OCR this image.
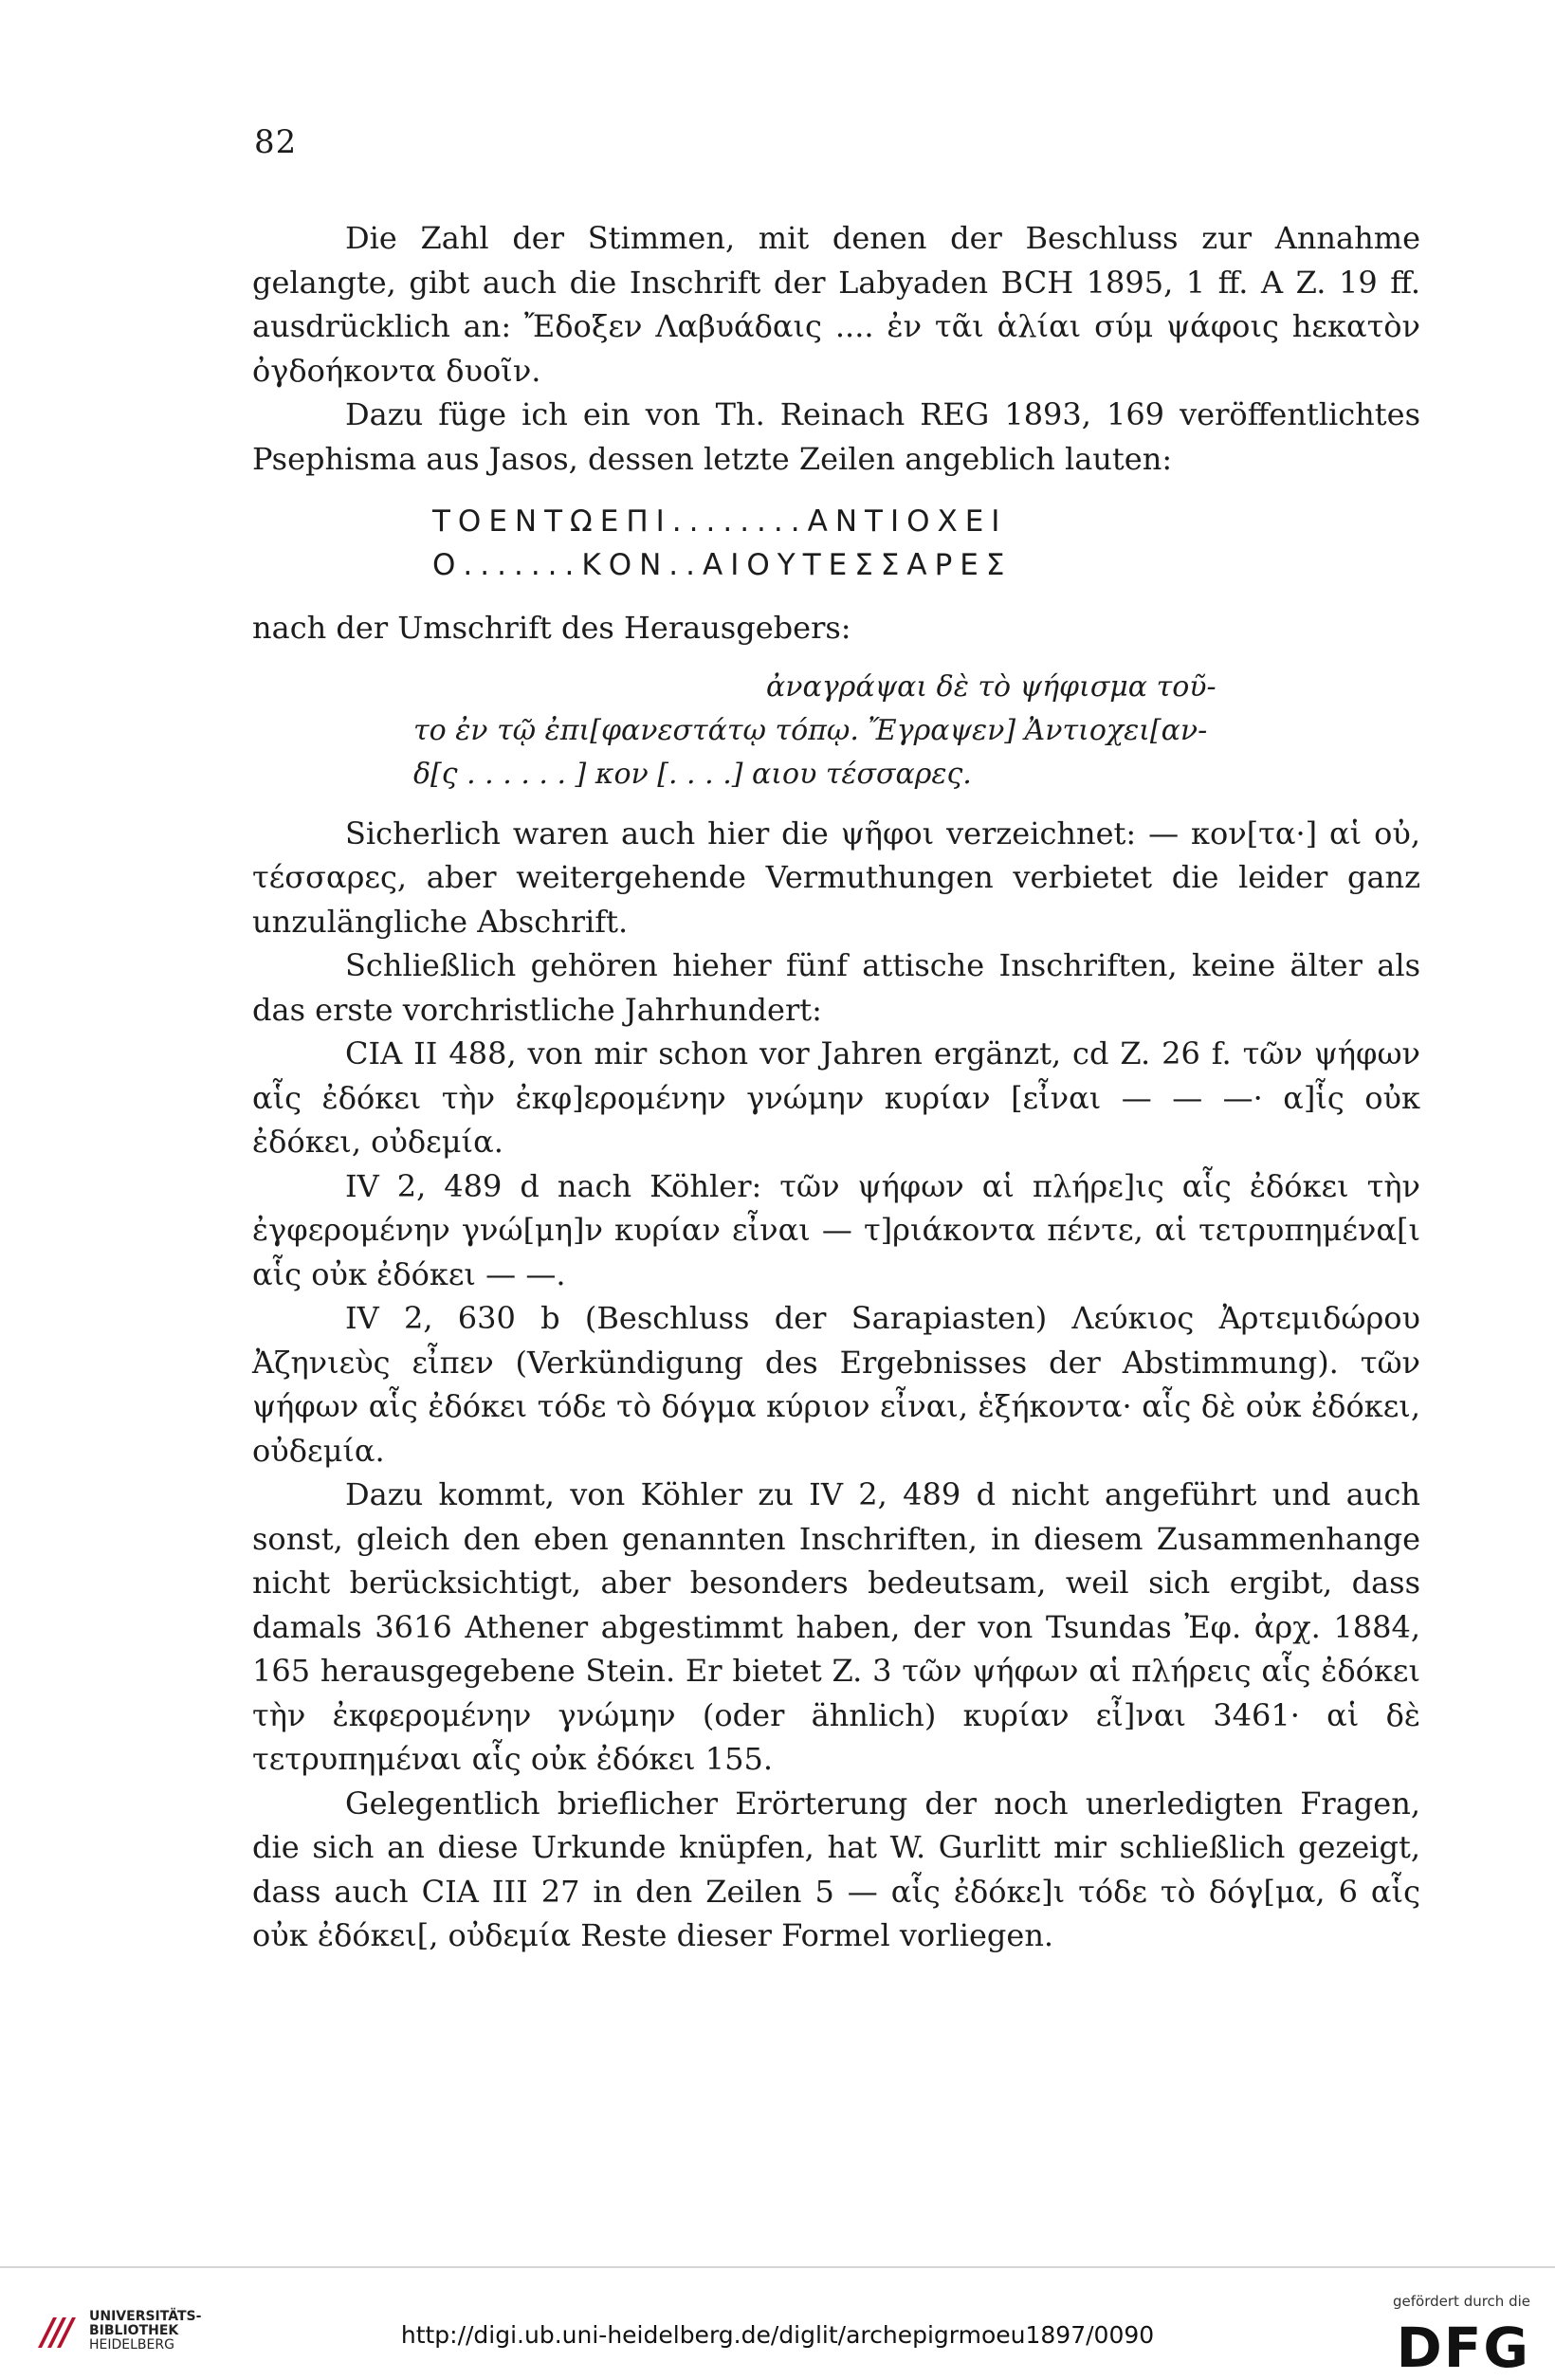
82

Die Zahl der Stimmen, mit denen der Beschluss zur Annahme gelangte, gibt auch die Inschrift der Labyaden BCH 1895, 1 ff. A Z. 19 ff. ausdrücklich an: Ἔδοξεν Λαβυάδαις .... ἐν τᾶι ἁλίαι σύμ ψάφοις hεκατὸν ὀγδοήκοντα δυοῖν.

Dazu füge ich ein von Th. Reinach REG 1893, 169 veröffentlichtes Psephisma aus Jasos, dessen letzte Zeilen angeblich lauten:

ΤΟΕΝΤΩΕΠΙ........ΑΝΤΙΟΧΕΙ
Ο.......ΚΟΝ..ΑΙΟΥΤΕΣΣΑΡΕΣ

nach der Umschrift des Herausgebers:

ἀναγράψαι δὲ τὸ ψήφισμα τοῦ-
το ἐν τῷ ἐπι[φανεστάτῳ τόπῳ. Ἔγραψεν] Ἀντιοχει[αν-
δ[ς . . . . . . ] κον [. . . .] αιου τέσσαρες.

Sicherlich waren auch hier die ψῆφοι verzeichnet: — κον[τα·] αἱ οὐ, τέσσαρες, aber weitergehende Vermuthungen verbietet die leider ganz unzulängliche Abschrift.

Schließlich gehören hieher fünf attische Inschriften, keine älter als das erste vorchristliche Jahrhundert:

CIA II 488, von mir schon vor Jahren ergänzt, cd Z. 26 f. τῶν ψήφων αἷς ἐδόκει τὴν ἐκφ]ερομένην γνώμην κυρίαν [εἶναι — — —· α]ἷς οὐκ ἐδόκει, οὐδεμία.

IV 2, 489 d nach Köhler: τῶν ψήφων αἱ πλήρε]ις αἷς ἐδόκει τὴν ἐγφερομένην γνώ[μη]ν κυρίαν εἶναι — τ]ριάκοντα πέντε, αἱ τετρυπημένα[ι αἷς οὐκ ἐδόκει — —.

IV 2, 630 b (Beschluss der Sarapiasten) Λεύκιος Ἀρτεμιδώρου Ἀζηνιεὺς εἶπεν (Verkündigung des Ergebnisses der Abstimmung). τῶν ψήφων αἷς ἐδόκει τόδε τὸ δόγμα κύριον εἶναι, ἑξήκοντα· αἷς δὲ οὐκ ἐδόκει, οὐδεμία.

Dazu kommt, von Köhler zu IV 2, 489 d nicht angeführt und auch sonst, gleich den eben genannten Inschriften, in diesem Zusammenhange nicht berücksichtigt, aber besonders bedeutsam, weil sich ergibt, dass damals 3616 Athener abgestimmt haben, der von Tsundas Ἐφ. ἀρχ. 1884, 165 herausgegebene Stein. Er bietet Z. 3 τῶν ψήφων αἱ πλήρεις αἷς ἐδόκει τὴν ἐκφερομένην γνώμην (oder ähnlich) κυρίαν εἶ]ναι 3461· αἱ δὲ τετρυπημέναι αἷς οὐκ ἐδόκει 155.

Gelegentlich brieflicher Erörterung der noch unerledigten Fragen, die sich an diese Urkunde knüpfen, hat W. Gurlitt mir schließlich gezeigt, dass auch CIA III 27 in den Zeilen 5 — αἷς ἐδόκε]ι τόδε τὸ δόγ[μα, 6 αἷς οὐκ ἐδόκει[, οὐδεμία Reste dieser Formel vorliegen.

UNIVERSITÄTS-
BIBLIOTHEK
HEIDELBERG	http://digi.ub.uni-heidelberg.de/diglit/archepigrmoeu1897/0090
gefördert durch die
DFG
